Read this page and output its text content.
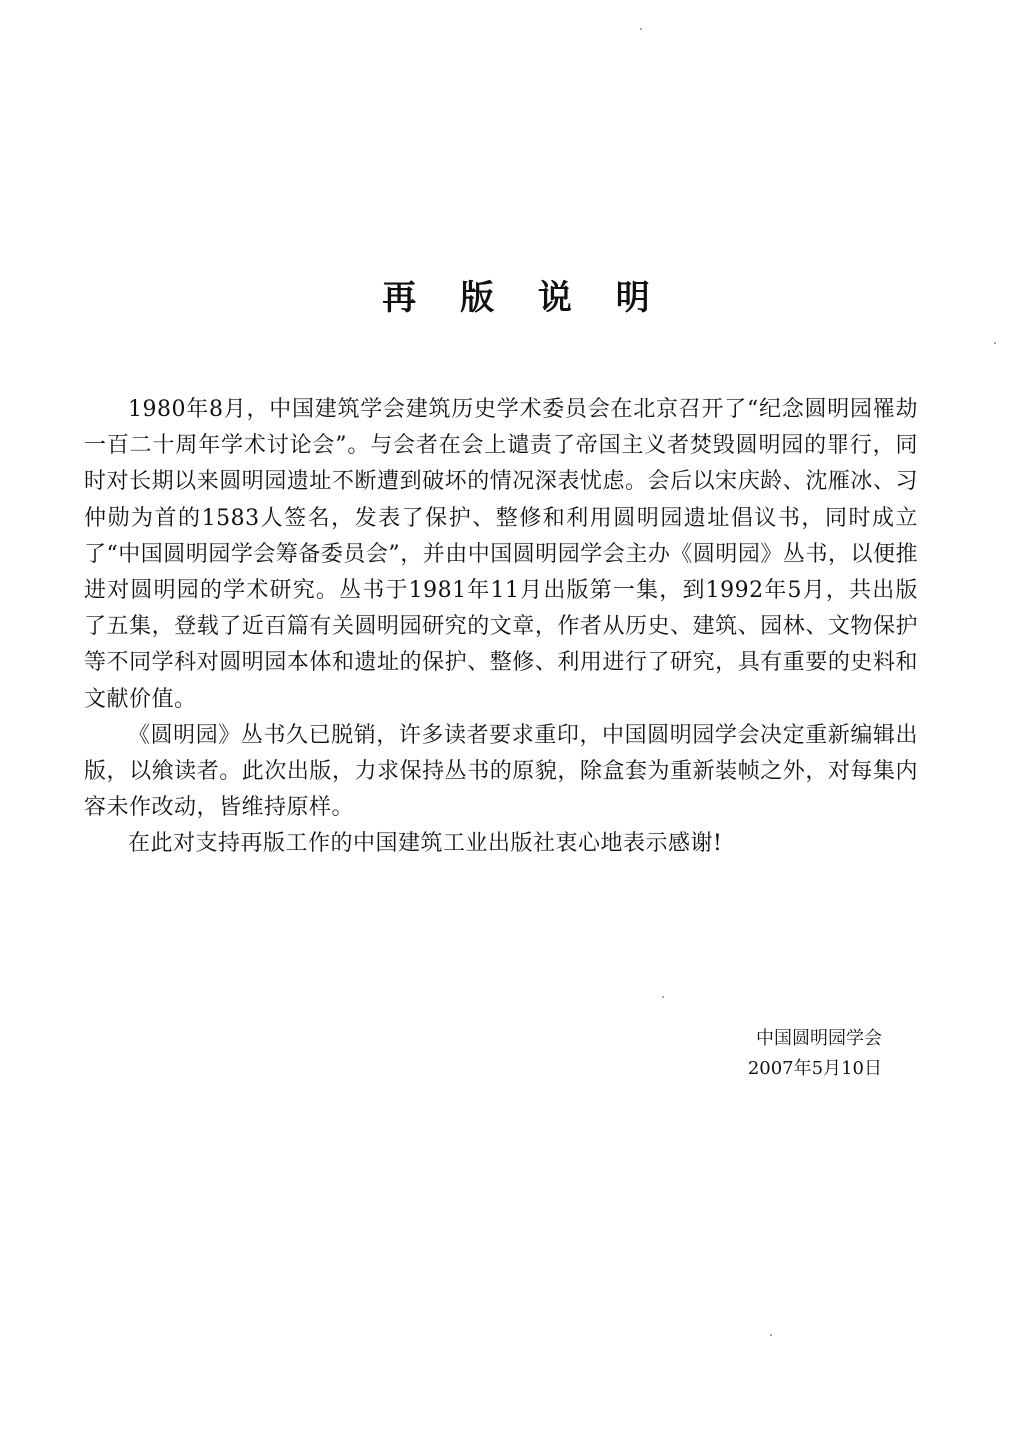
再 版 说 明

1980年8月，中国建筑学会建筑历史学术委员会在北京召开了“纪念圆明园罹劫一百二十周年学术讨论会”。与会者在会上谴责了帝国主义者焚毁圆明园的罪行，同时对长期以来圆明园遗址不断遭到破坏的情况深表忧虑。会后以宋庆龄、沈雁冰、习仲勋为首的1583人签名，发表了保护、整修和利用圆明园遗址倡议书，同时成立了“中国圆明园学会筹备委员会”，并由中国圆明园学会主办《圆明园》丛书，以便推进对圆明园的学术研究。丛书于1981年11月出版第一集，到1992年5月，共出版了五集，登载了近百篇有关圆明园研究的文章，作者从历史、建筑、园林、文物保护等不同学科对圆明园本体和遗址的保护、整修、利用进行了研究，具有重要的史料和文献价值。

《圆明园》丛书久已脱销，许多读者要求重印，中国圆明园学会决定重新编辑出版，以飨读者。此次出版，力求保持丛书的原貌，除盒套为重新装帧之外，对每集内容未作改动，皆维持原样。

在此对支持再版工作的中国建筑工业出版社衷心地表示感谢!

中国圆明园学会
2007年5月10日
